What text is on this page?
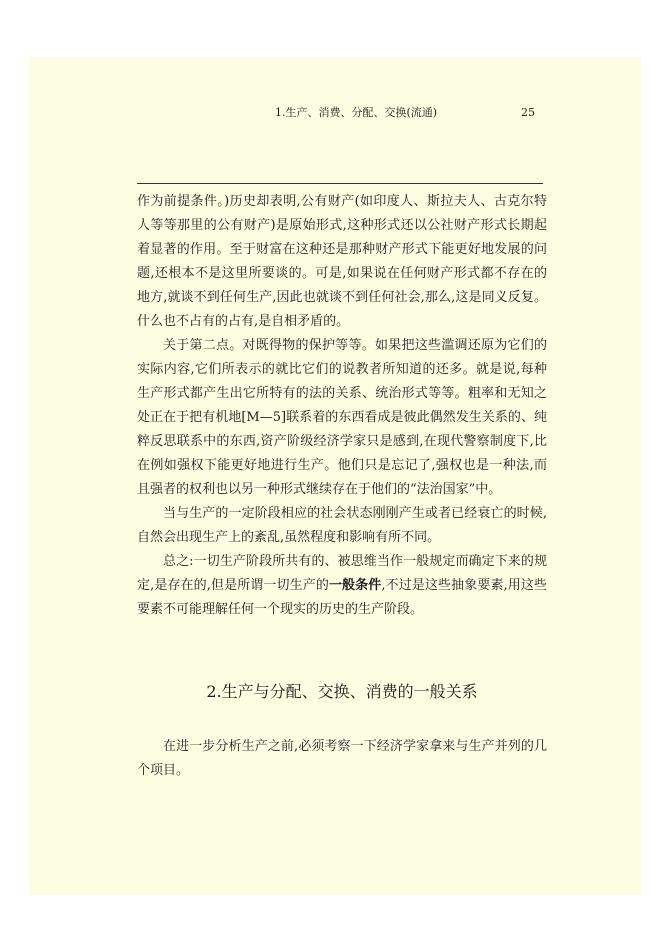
1.生产、消费、分配、交换(流通)	25

作为前提条件。)历史却表明,公有财产(如印度人、斯拉夫人、古克尔特人等等那里的公有财产)是原始形式,这种形式还以公社财产形式长期起着显著的作用。至于财富在这种还是那种财产形式下能更好地发展的问题,还根本不是这里所要谈的。可是,如果说在任何财产形式都不存在的地方,就谈不到任何生产,因此也就谈不到任何社会,那么,这是同义反复。什么也不占有的占有,是自相矛盾的。

关于第二点。对既得物的保护等等。如果把这些滥调还原为它们的实际内容,它们所表示的就比它们的说教者所知道的还多。就是说,每种生产形式都产生出它所特有的法的关系、统治形式等等。粗率和无知之处正在于把有机地[M—5]联系着的东西看成是彼此偶然发生关系的、纯粹反思联系中的东西,资产阶级经济学家只是感到,在现代警察制度下,比在例如强权下能更好地进行生产。他们只是忘记了,强权也是一种法,而且强者的权利也以另一种形式继续存在于他们的“法治国家”中。

当与生产的一定阶段相应的社会状态刚刚产生或者已经衰亡的时候,自然会出现生产上的紊乱,虽然程度和影响有所不同。

总之:一切生产阶段所共有的、被思维当作一般规定而确定下来的规定,是存在的,但是所谓一切生产的一般条件,不过是这些抽象要素,用这些要素不可能理解任何一个现实的历史的生产阶段。

2.生产与分配、交换、消费的一般关系

在进一步分析生产之前,必须考察一下经济学家拿来与生产并列的几个项目。
